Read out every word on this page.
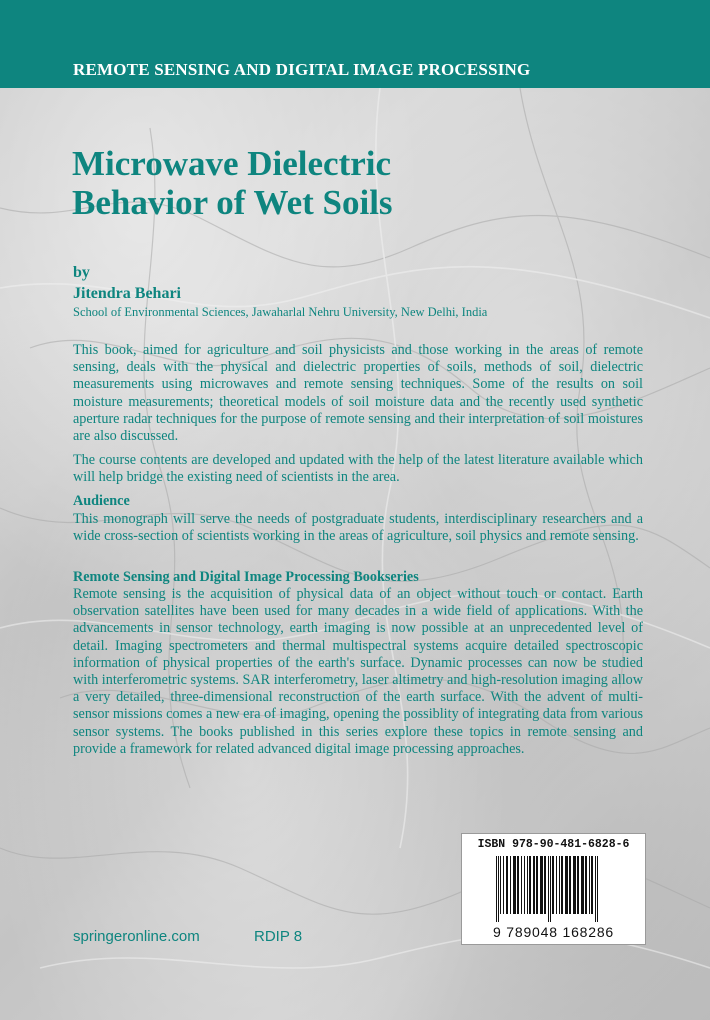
REMOTE SENSING AND DIGITAL IMAGE PROCESSING
Microwave Dielectric
Behavior of Wet Soils
by
Jitendra Behari
School of Environmental Sciences, Jawaharlal Nehru University, New Delhi, India

This book, aimed for agriculture and soil physicists and those working in the areas of remote sensing, deals with the physical and dielectric properties of soils, methods of soil, dielectric measurements using microwaves and remote sensing techniques. Some of the results on soil moisture measurements; theoretical models of soil moisture data and the recently used synthetic aperture radar techniques for the purpose of remote sensing and their interpretation of soil moistures are also discussed.

The course contents are developed and updated with the help of the latest literature available which will help bridge the existing need of scientists in the area.

Audience

This monograph will serve the needs of postgraduate students, interdisciplinary researchers and a wide cross-section of scientists working in the areas of agriculture, soil physics and remote sensing.

Remote Sensing and Digital Image Processing Bookseries

Remote sensing is the acquisition of physical data of an object without touch or contact. Earth observation satellites have been used for many decades in a wide field of applications. With the advancements in sensor technology, earth imaging is now possible at an unprecedented level of detail. Imaging spectrometers and thermal multispectral systems acquire detailed spectroscopic information of physical properties of the earth's surface. Dynamic processes can now be studied with interferometric systems. SAR interferometry, laser altimetry and high-resolution imaging allow a very detailed, three-dimensional reconstruction of the earth surface. With the advent of multi-sensor missions comes a new era of imaging, opening the possiblity of integrating data from various sensor systems. The books published in this series explore these topics in remote sensing and provide a framework for related advanced digital image processing approaches.

springeronline.com	RDIP 8
ISBN 978-90-481-6828-6
9 789048 168286
